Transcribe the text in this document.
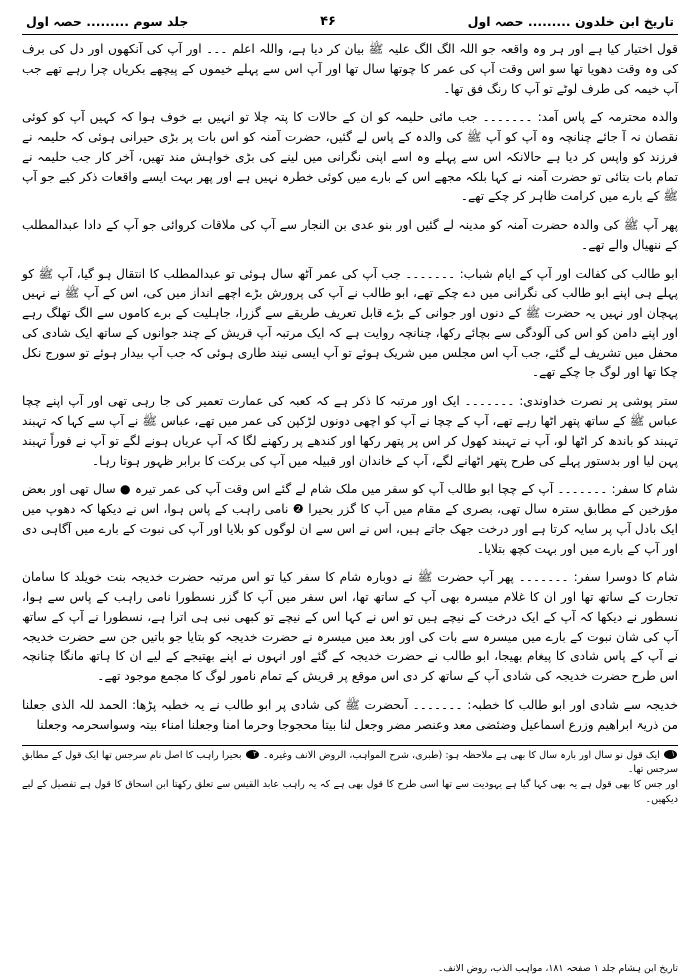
تاریخ ابن خلدون ......... حصہ اول
۴۶
جلد سوم ......... حصہ اول

قول اختیار کیا ہے اور ہر وہ واقعہ جو اللہ الگ الگ علیہ ﷺ بیان کر دیا ہے، واللہ اعلم ۔۔۔ اور آپ کی آنکھوں اور دل کی برف کی وہ وقت دھویا تھا سو اس وقت آپ کی عمر کا چوتھا سال تھا اور آپ اس سے پہلے خیموں کے پیچھے بکریاں چرا رہے تھے جب آپ خیمہ کی طرف لوٹے تو آپ کا رنگ فق تھا۔

والدہ محترمہ کے پاس آمد: ۔۔۔۔۔۔۔ جب مائی حلیمہ کو ان کے حالات کا پتہ چلا تو انہیں بے خوف ہوا کہ کہیں آپ کو کوئی نقصان نہ آ جائے چنانچہ وہ آپ کو آپ ﷺ کی والدہ کے پاس لے گئیں، حضرت آمنہ کو اس بات پر بڑی حیرانی ہوئی کہ حلیمہ نے فرزند کو واپس کر دیا ہے حالانکہ اس سے پہلے وہ اسے اپنی نگرانی میں لینے کی بڑی خواہش مند تھیں، آخر کار جب حلیمہ نے تمام بات بتائی تو حضرت آمنہ نے کہا بلکہ مجھے اس کے بارے میں کوئی خطرہ نہیں ہے اور پھر بہت ایسے واقعات ذکر کیے جو آپ ﷺ کے بارے میں کرامت ظاہر کر چکے تھے۔

پھر آپ ﷺ کی والدہ حضرت آمنہ کو مدینہ لے گئیں اور بنو عدی بن النجار سے آپ کی ملاقات کروائی جو آپ کے دادا عبدالمطلب کے ننھیال والے تھے۔

ابو طالب کی کفالت اور آپ کے ایام شباب: ۔۔۔۔۔۔۔ جب آپ کی عمر آٹھ سال ہوئی تو عبدالمطلب کا انتقال ہو گیا، آپ ﷺ کو پہلے ہی اپنے ابو طالب کی نگرانی میں دے چکے تھے، ابو طالب نے آپ کی پرورش بڑے اچھے انداز میں کی، اس کے آپ ﷺ نے نہیں پہچان اور نہیں یہ حضرت ﷺ کے دنوں اور جوانی کے بڑے قابل تعریف طریقے سے گزرا، جاہلیت کے برے کاموں سے الگ تھلگ رہے اور اپنے دامن کو اس کی آلودگی سے بچائے رکھا، چنانچہ روایت ہے کہ ایک مرتبہ آپ قریش کے چند جوانوں کے ساتھ ایک شادی کی محفل میں تشریف لے گئے، جب آپ اس مجلس میں شریک ہوئے تو آپ ایسی نیند طاری ہوئی کہ جب آپ بیدار ہوئے تو سورج نکل چکا تھا اور لوگ جا چکے تھے۔

ستر پوشی پر نصرت خداوندی: ۔۔۔۔۔۔۔ ایک اور مرتبہ کا ذکر ہے کہ کعبہ کی عمارت تعمیر کی جا رہی تھی اور آپ اپنے چچا عباس ﷺ کے ساتھ پتھر اٹھا رہے تھے، آپ کے چچا نے آپ کو اچھی دونوں لڑکپن کی عمر میں تھے، عباس ﷺ نے آپ سے کہا کہ تہبند تہبند کو باندھ کر اٹھا لو، آپ نے تہبند کھول کر اس پر پتھر رکھا اور کندھے پر رکھنے لگا کہ آپ عریاں ہونے لگے تو آپ نے فوراً تہبند پہن لیا اور بدستور پہلے کی طرح پتھر اٹھانے لگے، آپ کے خاندان اور قبیلہ میں آپ کی برکت کا برابر ظہور ہوتا رہا۔

شام کا سفر: ۔۔۔۔۔۔۔ آپ کے چچا ابو طالب آپ کو سفر میں ملک شام لے گئے اس وقت آپ کی عمر تیرہ ● سال تھی اور بعض مؤرخین کے مطابق سترہ سال تھی، بصری کے مقام میں آپ کا گزر بحیرا ❷ نامی راہب کے پاس ہوا، اس نے دیکھا کہ دھوپ میں ایک بادل آپ پر سایہ کرتا ہے اور درخت جھک جاتے ہیں، اس نے اس سے ان لوگوں کو بلایا اور آپ کی نبوت کے بارے میں آگاہی دی اور آپ کے بارے میں اور بہت کچھ بتلایا۔

شام کا دوسرا سفر: ۔۔۔۔۔۔۔ پھر آپ حضرت ﷺ نے دوبارہ شام کا سفر کیا تو اس مرتبہ حضرت خدیجہ بنت خویلد کا سامان تجارت کے ساتھ تھا اور ان کا غلام میسرہ بھی آپ کے ساتھ تھا، اس سفر میں آپ کا گزر نسطورا نامی راہب کے پاس سے ہوا، نسطور نے دیکھا کہ آپ کے ایک درخت کے نیچے ہیں تو اس نے کہا اس کے نیچے تو کبھی نبی ہی اترا ہے، نسطورا نے آپ کے ساتھ آپ کی شان نبوت کے بارے میں میسرہ سے بات کی اور بعد میں میسرہ نے حضرت خدیجہ کو بتایا جو باتیں جن سے حضرت خدیجہ نے آپ کے پاس شادی کا پیغام بھیجا، ابو طالب نے حضرت خدیجہ کے گئے اور انہوں نے اپنے بھتیجے کے لیے ان کا ہاتھ مانگا چنانچہ اس طرح حضرت خدیجہ کی شادی آپ کے ساتھ کر دی اس موقع پر قریش کے تمام نامور لوگ کا مجمع موجود تھے۔

خدیجہ سے شادی اور ابو طالب کا خطبہ: ۔۔۔۔۔۔۔ آںحضرت ﷺ کی شادی پر ابو طالب نے یہ خطبہ پڑھا: الحمد للہ الذی جعلنا من ذریۃ ابراھیم وزرع اسماعیل وضئضی معد وعنصر مضر وجعل لنا بیتا محجوجا وحرما امنا وجعلنا امناء بیتہ وسواسحرمہ وجعلنا

۱ ایک قول نو سال اور بارہ سال کا بھی ہے ملاحظہ ہو: (طبری، شرح المواہب، الروض الانف وغیرہ۔ ۲ بحیرا راہب کا اصل نام سرجس تھا ایک قول کے مطابق سرجس تھا۔

اور جس کا بھی قول ہے یہ بھی کہا گیا ہے یہودیت سے تھا اسی طرح کا قول بھی ہے کہ یہ راہب عابد القیس سے تعلق رکھتا ابن اسحاق کا قول ہے تفصیل کے لیے دیکھیں۔

تاریخ ابن ہشام جلد ۱ صفحہ ۱۸۱، مواہب الذب، روض الانف۔
